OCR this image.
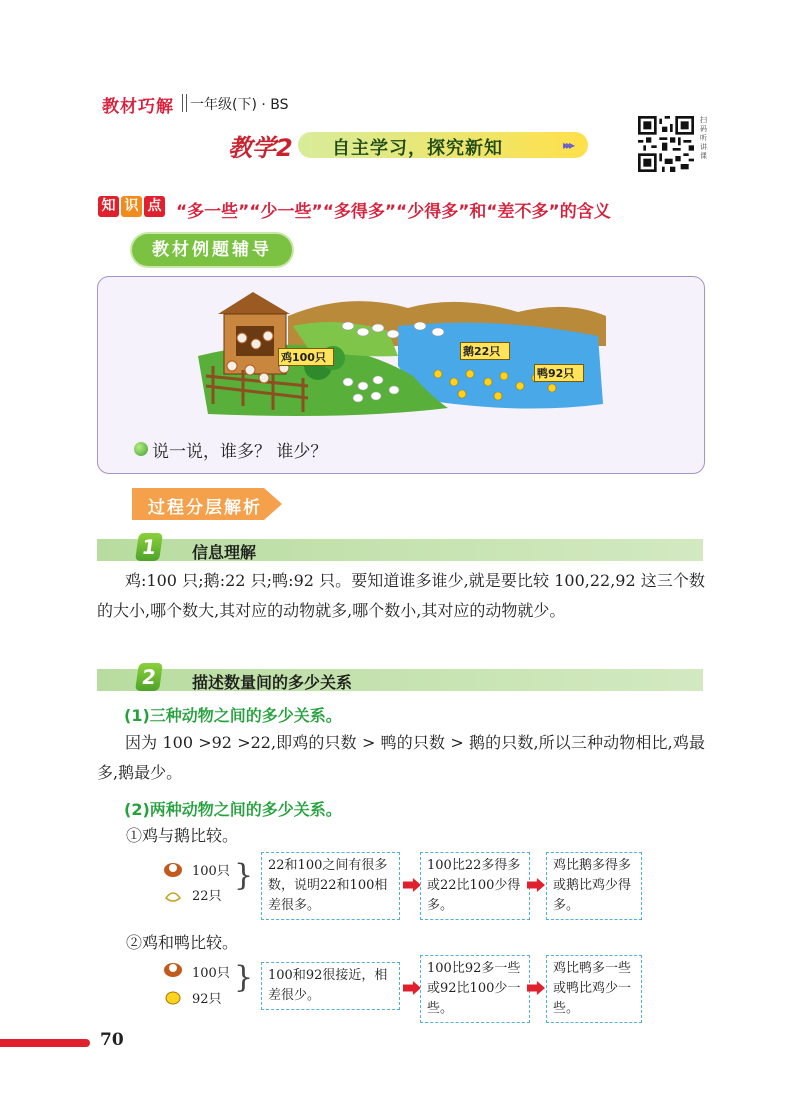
教材巧解 一年级(下) · BS
教学2	自主学习，探究新知	▸▸▸
扫码听讲课
知 识 点 “多一些”“少一些”“多得多”“少得多”和“差不多”的含义
教材例题辅导
鸡100只	鹅22只
鸭92只
说一说，谁多？ 谁少？
过程分层解析
1	信息理解
鸡:100 只;鹅:22 只;鸭:92 只。要知道谁多谁少,就是要比较 100,22,92 这三个数的大小,哪个数大,其对应的动物就多,哪个数小,其对应的动物就少。
2	描述数量间的多少关系
(1)三种动物之间的多少关系。
因为 100 >92 >22,即鸡的只数 > 鸭的只数 > 鹅的只数,所以三种动物相比,鸡最多,鹅最少。
(2)两种动物之间的多少关系。
①鸡与鹅比较。
100只
22只
}	22和100之间有很多数，说明22和100相差很多。
100比22多得多或22比100少得多。
鸡比鹅多得多或鹅比鸡少得多。
②鸡和鸭比较。
100只
92只
}	100和92很接近，相差很少。
100比92多一些或92比100少一些。
鸡比鸭多一些或鸭比鸡少一些。
70
